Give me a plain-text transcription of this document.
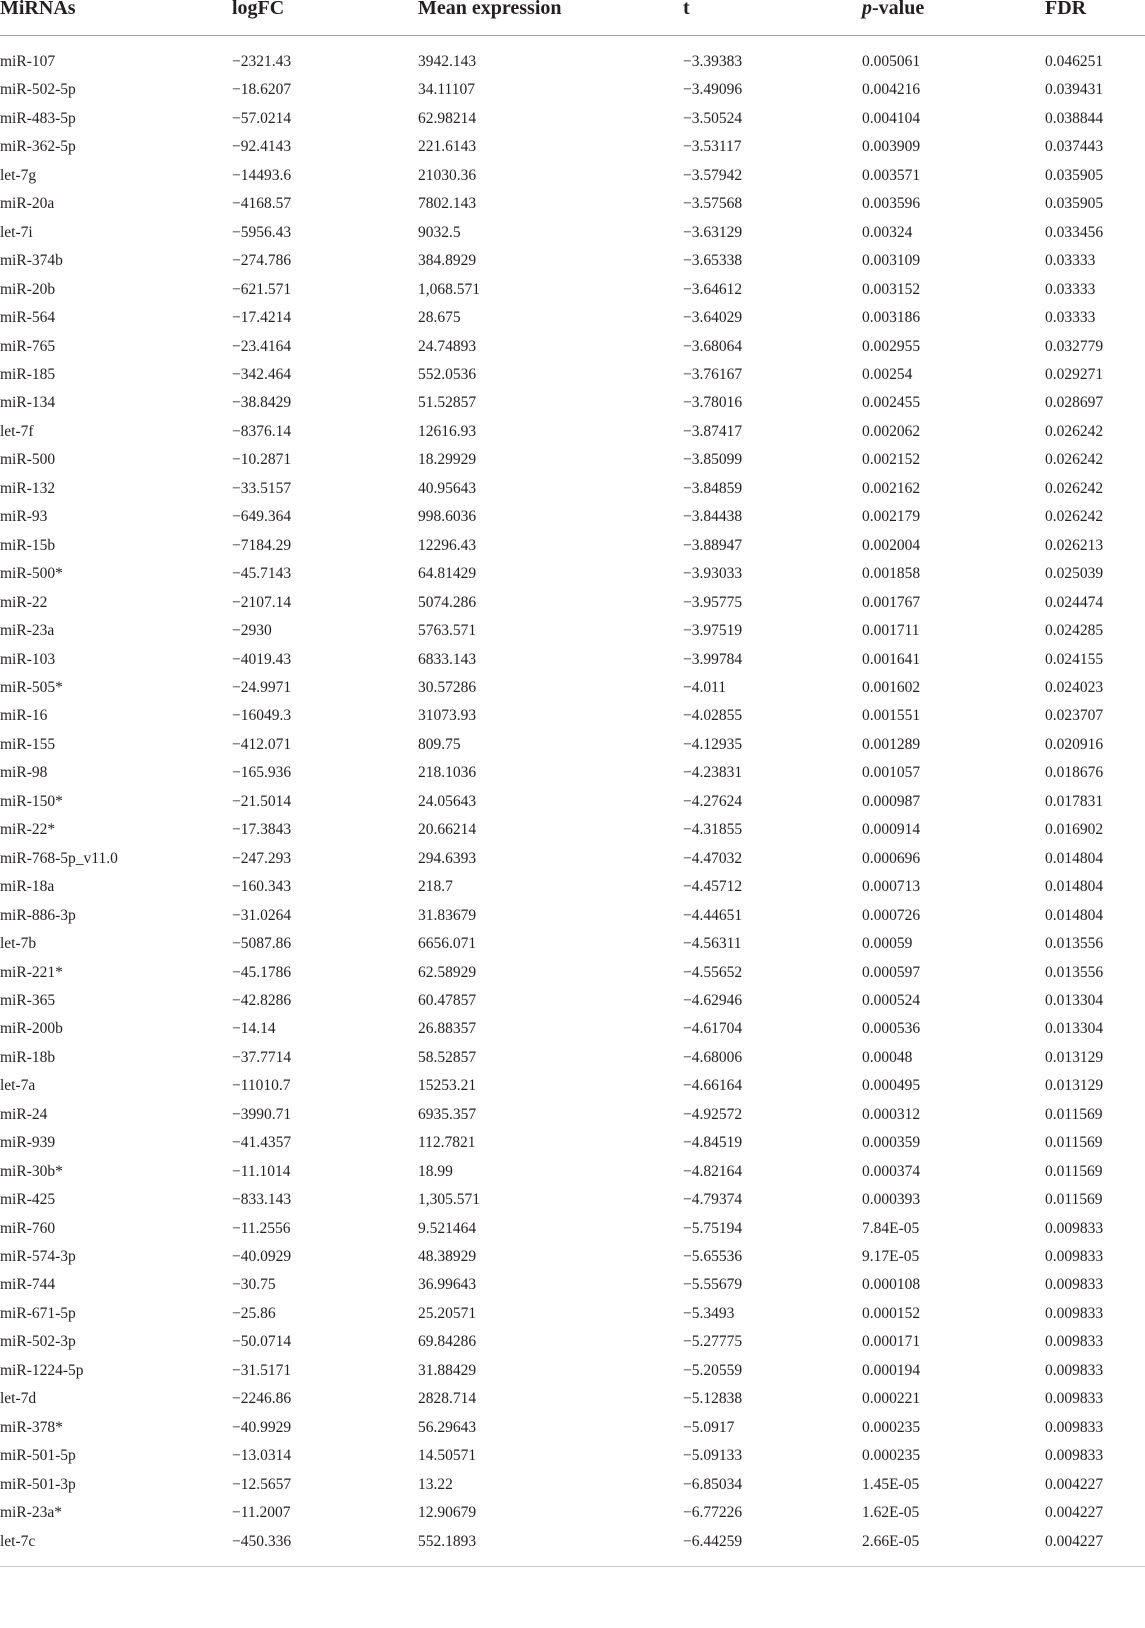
MiRNAs	logFC	Mean expression	t	p-value	FDR
miR-107	−2321.43	3942.143	−3.39383	0.005061	0.046251
miR-502-5p	−18.6207	34.11107	−3.49096	0.004216	0.039431
miR-483-5p	−57.0214	62.98214	−3.50524	0.004104	0.038844
miR-362-5p	−92.4143	221.6143	−3.53117	0.003909	0.037443
let-7g	−14493.6	21030.36	−3.57942	0.003571	0.035905
miR-20a	−4168.57	7802.143	−3.57568	0.003596	0.035905
let-7i	−5956.43	9032.5	−3.63129	0.00324	0.033456
miR-374b	−274.786	384.8929	−3.65338	0.003109	0.03333
miR-20b	−621.571	1,068.571	−3.64612	0.003152	0.03333
miR-564	−17.4214	28.675	−3.64029	0.003186	0.03333
miR-765	−23.4164	24.74893	−3.68064	0.002955	0.032779
miR-185	−342.464	552.0536	−3.76167	0.00254	0.029271
miR-134	−38.8429	51.52857	−3.78016	0.002455	0.028697
let-7f	−8376.14	12616.93	−3.87417	0.002062	0.026242
miR-500	−10.2871	18.29929	−3.85099	0.002152	0.026242
miR-132	−33.5157	40.95643	−3.84859	0.002162	0.026242
miR-93	−649.364	998.6036	−3.84438	0.002179	0.026242
miR-15b	−7184.29	12296.43	−3.88947	0.002004	0.026213
miR-500*	−45.7143	64.81429	−3.93033	0.001858	0.025039
miR-22	−2107.14	5074.286	−3.95775	0.001767	0.024474
miR-23a	−2930	5763.571	−3.97519	0.001711	0.024285
miR-103	−4019.43	6833.143	−3.99784	0.001641	0.024155
miR-505*	−24.9971	30.57286	−4.011	0.001602	0.024023
miR-16	−16049.3	31073.93	−4.02855	0.001551	0.023707
miR-155	−412.071	809.75	−4.12935	0.001289	0.020916
miR-98	−165.936	218.1036	−4.23831	0.001057	0.018676
miR-150*	−21.5014	24.05643	−4.27624	0.000987	0.017831
miR-22*	−17.3843	20.66214	−4.31855	0.000914	0.016902
miR-768-5p_v11.0	−247.293	294.6393	−4.47032	0.000696	0.014804
miR-18a	−160.343	218.7	−4.45712	0.000713	0.014804
miR-886-3p	−31.0264	31.83679	−4.44651	0.000726	0.014804
let-7b	−5087.86	6656.071	−4.56311	0.00059	0.013556
miR-221*	−45.1786	62.58929	−4.55652	0.000597	0.013556
miR-365	−42.8286	60.47857	−4.62946	0.000524	0.013304
miR-200b	−14.14	26.88357	−4.61704	0.000536	0.013304
miR-18b	−37.7714	58.52857	−4.68006	0.00048	0.013129
let-7a	−11010.7	15253.21	−4.66164	0.000495	0.013129
miR-24	−3990.71	6935.357	−4.92572	0.000312	0.011569
miR-939	−41.4357	112.7821	−4.84519	0.000359	0.011569
miR-30b*	−11.1014	18.99	−4.82164	0.000374	0.011569
miR-425	−833.143	1,305.571	−4.79374	0.000393	0.011569
miR-760	−11.2556	9.521464	−5.75194	7.84E-05	0.009833
miR-574-3p	−40.0929	48.38929	−5.65536	9.17E-05	0.009833
miR-744	−30.75	36.99643	−5.55679	0.000108	0.009833
miR-671-5p	−25.86	25.20571	−5.3493	0.000152	0.009833
miR-502-3p	−50.0714	69.84286	−5.27775	0.000171	0.009833
miR-1224-5p	−31.5171	31.88429	−5.20559	0.000194	0.009833
let-7d	−2246.86	2828.714	−5.12838	0.000221	0.009833
miR-378*	−40.9929	56.29643	−5.0917	0.000235	0.009833
miR-501-5p	−13.0314	14.50571	−5.09133	0.000235	0.009833
miR-501-3p	−12.5657	13.22	−6.85034	1.45E-05	0.004227
miR-23a*	−11.2007	12.90679	−6.77226	1.62E-05	0.004227
let-7c	−450.336	552.1893	−6.44259	2.66E-05	0.004227
